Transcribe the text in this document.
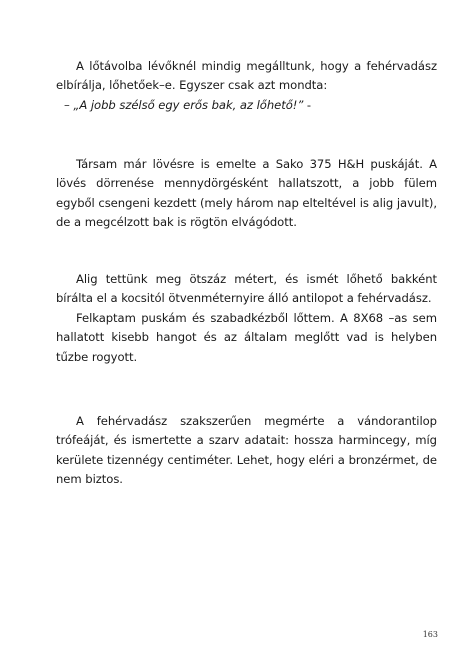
A lőtávolba lévőknél mindig megálltunk, hogy a fehérvadász elbírálja, lőhetőek–e. Egyszer csak azt mondta:

– „A jobb szélső egy erős bak, az lőhető!” -

Társam már lövésre is emelte a Sako 375 H&H puskáját. A lövés dörrenése mennydörgésként hallatszott, a jobb fülem egyből csengeni kezdett (mely három nap elteltével is alig javult), de a megcélzott bak is rögtön elvágódott.

Alig tettünk meg ötszáz métert, és ismét lőhető bakként bírálta el a kocsitól ötvenméternyire álló antilopot a fehérvadász.

Felkaptam puskám és szabadkézből lőttem. A 8X68 –as sem hallatott kisebb hangot és az általam meglőtt vad is helyben tűzbe rogyott.

A fehérvadász szakszerűen megmérte a vándorantilop trófeáját, és ismertette a szarv adatait: hossza harmincegy, míg kerülete tizennégy centiméter. Lehet, hogy eléri a bronzérmet, de nem biztos.

163
